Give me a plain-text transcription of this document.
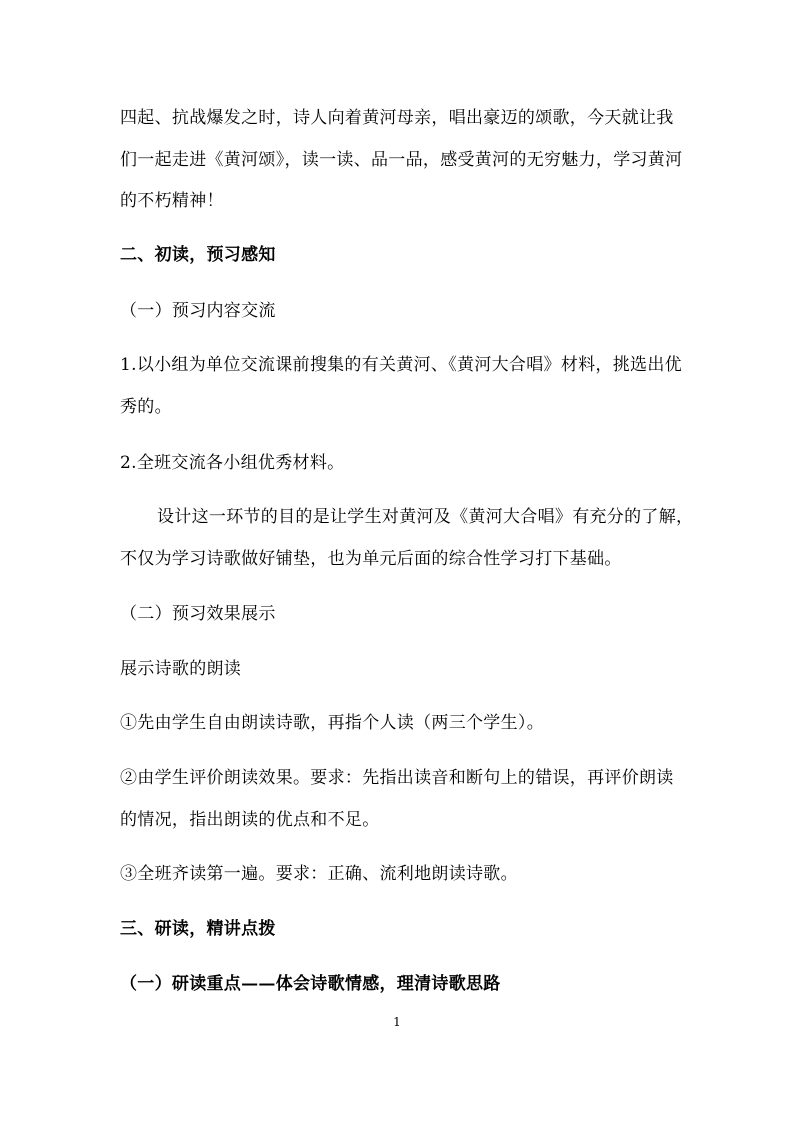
四起、抗战爆发之时，诗人向着黄河母亲，唱出豪迈的颂歌，今天就让我
们一起走进《黄河颂》，读一读、品一品，感受黄河的无穷魅力，学习黄河
的不朽精神！
二、初读，预习感知
（一）预习内容交流
1.以小组为单位交流课前搜集的有关黄河、《黄河大合唱》材料，挑选出优
秀的。
2.全班交流各小组优秀材料。
设计这一环节的目的是让学生对黄河及《黄河大合唱》有充分的了解，
不仅为学习诗歌做好铺垫，也为单元后面的综合性学习打下基础。
（二）预习效果展示
展示诗歌的朗读
①先由学生自由朗读诗歌，再指个人读（两三个学生）。
②由学生评价朗读效果。要求：先指出读音和断句上的错误，再评价朗读
的情况，指出朗读的优点和不足。
③全班齐读第一遍。要求：正确、流利地朗读诗歌。
三、研读，精讲点拨
（一）研读重点——体会诗歌情感，理清诗歌思路
1
